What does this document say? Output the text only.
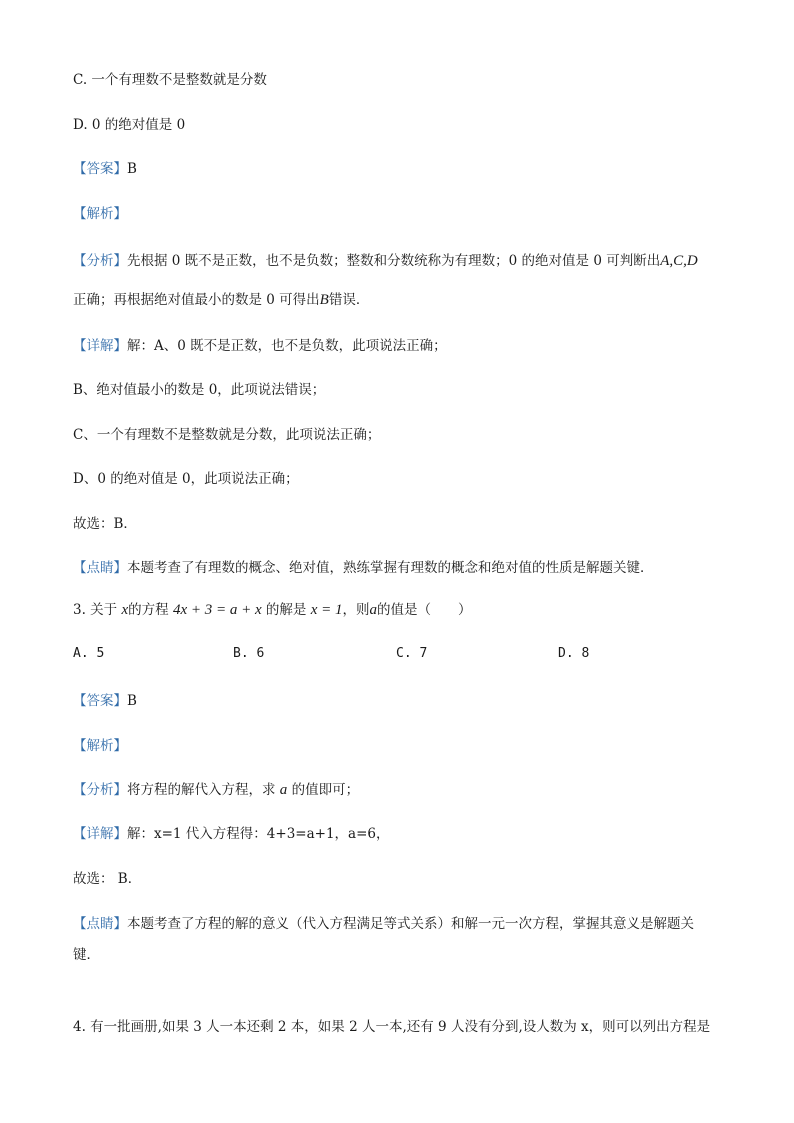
C. 一个有理数不是整数就是分数
D. 0 的绝对值是 0
【答案】B
【解析】
【分析】先根据 0 既不是正数，也不是负数；整数和分数统称为有理数；0 的绝对值是 0 可判断出A,C,D
正确；再根据绝对值最小的数是 0 可得出B错误．
【详解】解：A、0 既不是正数，也不是负数，此项说法正确；
B、绝对值最小的数是 0，此项说法错误；
C、一个有理数不是整数就是分数，此项说法正确；
D、0 的绝对值是 0，此项说法正确；
故选：B．
【点睛】本题考查了有理数的概念、绝对值，熟练掌握有理数的概念和绝对值的性质是解题关键．
3. 关于 x的方程 4x + 3 = a + x 的解是 x = 1，则a的值是（　　）
A. 5	B. 6	C. 7	D. 8
【答案】B
【解析】
【分析】将方程的解代入方程，求 a 的值即可；
【详解】解：x=1 代入方程得：4+3=a+1，a=6，
故选： B．
【点睛】本题考查了方程的解的意义（代入方程满足等式关系）和解一元一次方程，掌握其意义是解题关
键．
4. 有一批画册,如果 3 人一本还剩 2 本，如果 2 人一本,还有 9 人没有分到,设人数为 x，则可以列出方程是
